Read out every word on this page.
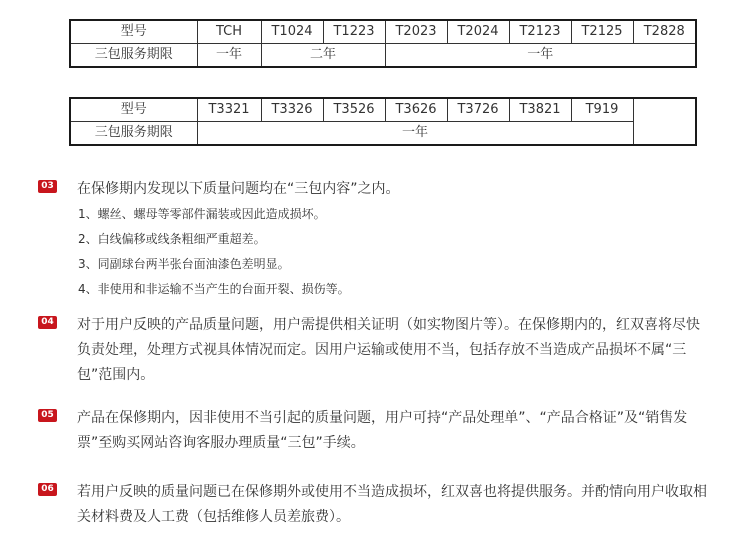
型号	TCH	T1024	T1223	T2023	T2024	T2123	T2125	T2828
三包服务期限	一年	二年		一年				
型号	T3321	T3326	T3526	T3626	T3726	T3821	T919	
三包服务期限	一年							
03 在保修期内发现以下质量问题均在“三包内容”之内。
1、螺丝、螺母等零部件漏装或因此造成损坏。
2、白线偏移或线条粗细严重超差。
3、同副球台两半张台面油漆色差明显。
4、非使用和非运输不当产生的台面开裂、损伤等。
04 对于用户反映的产品质量问题，用户需提供相关证明（如实物图片等）。在保修期内的，红双喜将尽快负责处理，处理方式视具体情况而定。因用户运输或使用不当，包括存放不当造成产品损坏不属“三包”范围内。
05 产品在保修期内，因非使用不当引起的质量问题，用户可持“产品处理单”、“产品合格证”及“销售发票”至购买网站咨询客服办理质量“三包”手续。
06 若用户反映的质量问题已在保修期外或使用不当造成损坏，红双喜也将提供服务。并酌情向用户收取相关材料费及人工费（包括维修人员差旅费）。
